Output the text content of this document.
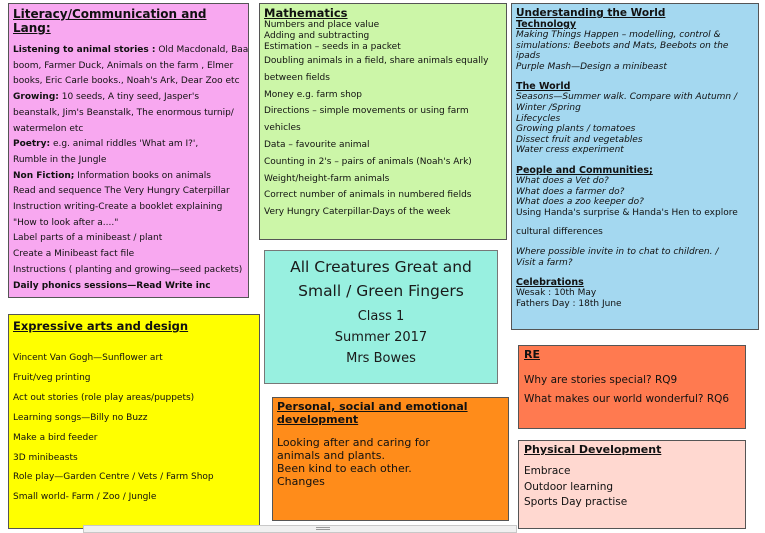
Literacy/Communication and Lang:
Listening to animal stories : Old Macdonald, Baa
boom, Farmer Duck, Animals on the farm , Elmer
books, Eric Carle books., Noah's Ark, Dear Zoo etc
Growing: 10 seeds, A tiny seed, Jasper's
beanstalk, Jim's Beanstalk, The enormous turnip/
watermelon etc
Poetry: e.g. animal riddles 'What am I?',
Rumble in the Jungle
Non Fiction; Information books on animals
Read and sequence The Very Hungry Caterpillar
Instruction writing-Create a booklet explaining
"How to look after a...."
Label parts of a minibeast / plant
Create a Minibeast fact file
Instructions ( planting and growing—seed packets)
Daily phonics sessions—Read Write inc
Mathematics
Numbers and place value
Adding and subtracting
Estimation – seeds in a packet
Doubling animals in a field, share animals equally
between fields
Money e.g. farm shop
Directions – simple movements or using farm
vehicles
Data – favourite animal
Counting in 2's – pairs of animals (Noah's Ark)
Weight/height-farm animals
Correct number of animals in numbered fields
Very Hungry Caterpillar-Days of the week
Understanding the World
Technology
Making Things Happen – modelling, control &
simulations: Beebots and Mats, Beebots on the
ipads
Purple Mash—Design a minibeast
The World
Seasons—Summer walk. Compare with Autumn /
Winter /Spring
Lifecycles
Growing plants / tomatoes
Dissect fruit and vegetables
Water cress experiment
People and Communities;
What does a Vet do?
What does a farmer do?
What does a zoo keeper do?
Using Handa's surprise & Handa's Hen to explore
cultural differences
Where possible invite in to chat to children. /
Visit a farm?
Celebrations
Wesak : 10th May
Fathers Day : 18th June
All Creatures Great and
Small / Green Fingers
Class 1
Summer 2017
Mrs Bowes
Expressive arts and design
Vincent Van Gogh—Sunflower art
Fruit/veg printing
Act out stories (role play areas/puppets)
Learning songs—Billy no Buzz
Make a bird feeder
3D minibeasts
Role play—Garden Centre / Vets / Farm Shop
Small world- Farm / Zoo / Jungle
Personal, social and emotional
development
Looking after and caring for
animals and plants.
Been kind to each other.
Changes
RE
Why are stories special? RQ9
What makes our world wonderful? RQ6
Physical Development
Embrace
Outdoor learning
Sports Day practise
